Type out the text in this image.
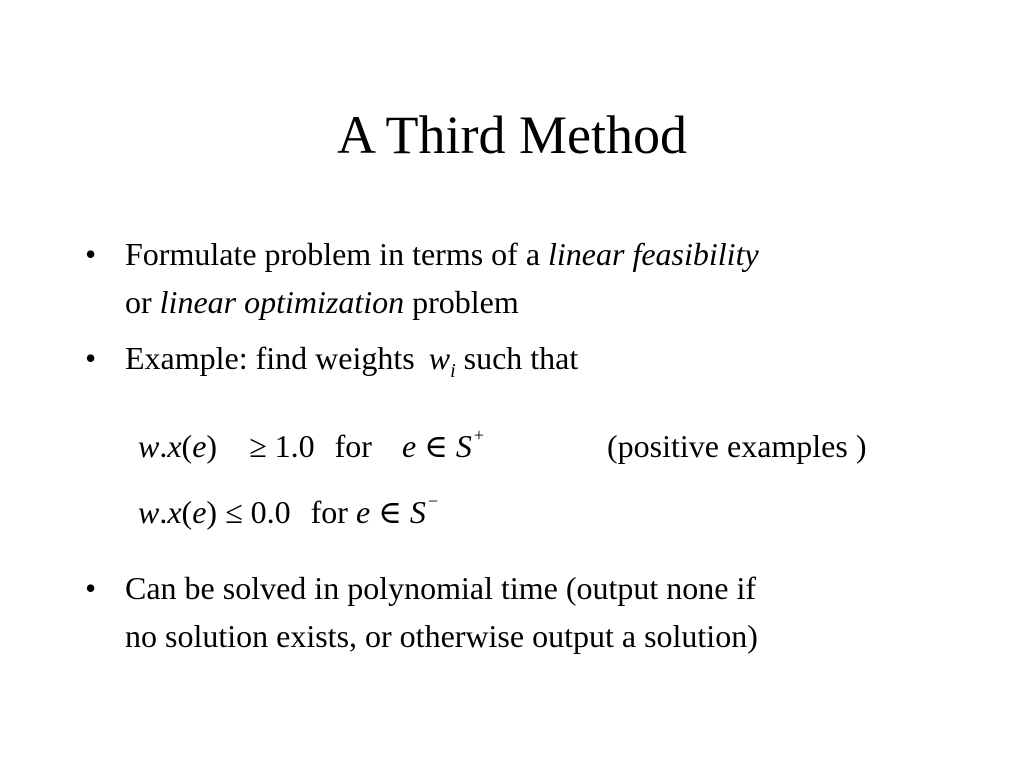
A Third Method
• Formulate problem in terms of a linear feasibility
or linear optimization problem
• Example: find weights $w_i$ such that
w.x(e) ≥ 1.0 for e ∈ S +	(positive examples )
w.x(e) ≤ 0.0 for e ∈ S −
• Can be solved in polynomial time (output none if
no solution exists, or otherwise output a solution)
